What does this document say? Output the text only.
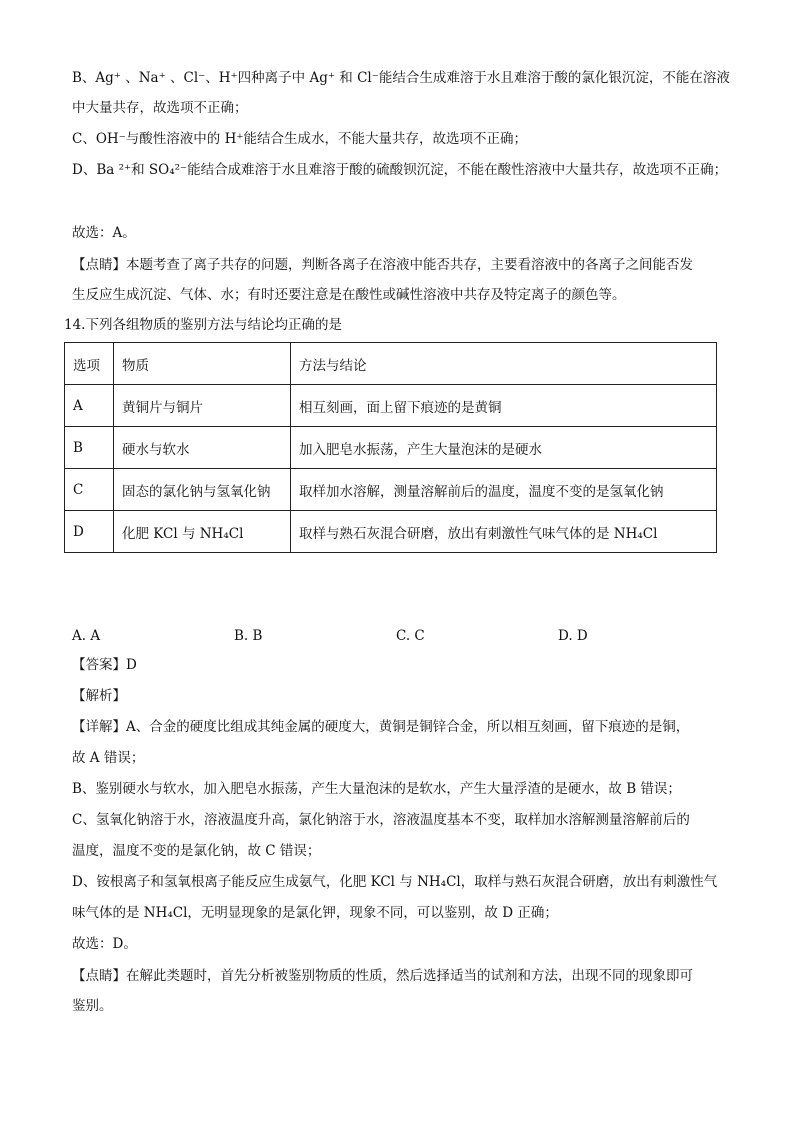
B、Ag⁺ 、Na⁺ 、Cl⁻、H⁺四种离子中 Ag⁺ 和 Cl⁻能结合生成难溶于水且难溶于酸的氯化银沉淀，不能在溶液
中大量共存，故选项不正确；
C、OH⁻与酸性溶液中的 H⁺能结合生成水，不能大量共存，故选项不正确；
D、Ba ²⁺和 SO₄²⁻能结合成难溶于水且难溶于酸的硫酸钡沉淀，不能在酸性溶液中大量共存，故选项不正确；
故选：A。
【点睛】本题考查了离子共存的问题，判断各离子在溶液中能否共存，主要看溶液中的各离子之间能否发
生反应生成沉淀、气体、水；有时还要注意是在酸性或碱性溶液中共存及特定离子的颜色等。
14.下列各组物质的鉴别方法与结论均正确的是
选项	物质	方法与结论
A	黄铜片与铜片	相互刻画，面上留下痕迹的是黄铜
B	硬水与软水	加入肥皂水振荡，产生大量泡沫的是硬水
C	固态的氯化钠与氢氧化钠	取样加水溶解，测量溶解前后的温度，温度不变的是氢氧化钠
D	化肥 KCl 与 NH₄Cl	取样与熟石灰混合研磨，放出有刺激性气味气体的是 NH₄Cl
A. A	B. B	C. C	D. D
【答案】D
【解析】
【详解】A、合金的硬度比组成其纯金属的硬度大，黄铜是铜锌合金，所以相互刻画，留下痕迹的是铜，
故 A 错误；
B、鉴别硬水与软水，加入肥皂水振荡，产生大量泡沫的是软水，产生大量浮渣的是硬水，故 B 错误；
C、氢氧化钠溶于水，溶液温度升高，氯化钠溶于水，溶液温度基本不变，取样加水溶解测量溶解前后的
温度，温度不变的是氯化钠，故 C 错误；
D、铵根离子和氢氧根离子能反应生成氨气，化肥 KCl 与 NH₄Cl，取样与熟石灰混合研磨，放出有刺激性气
味气体的是 NH₄Cl，无明显现象的是氯化钾，现象不同，可以鉴别，故 D 正确；
故选：D。
【点睛】在解此类题时，首先分析被鉴别物质的性质，然后选择适当的试剂和方法，出现不同的现象即可
鉴别。
